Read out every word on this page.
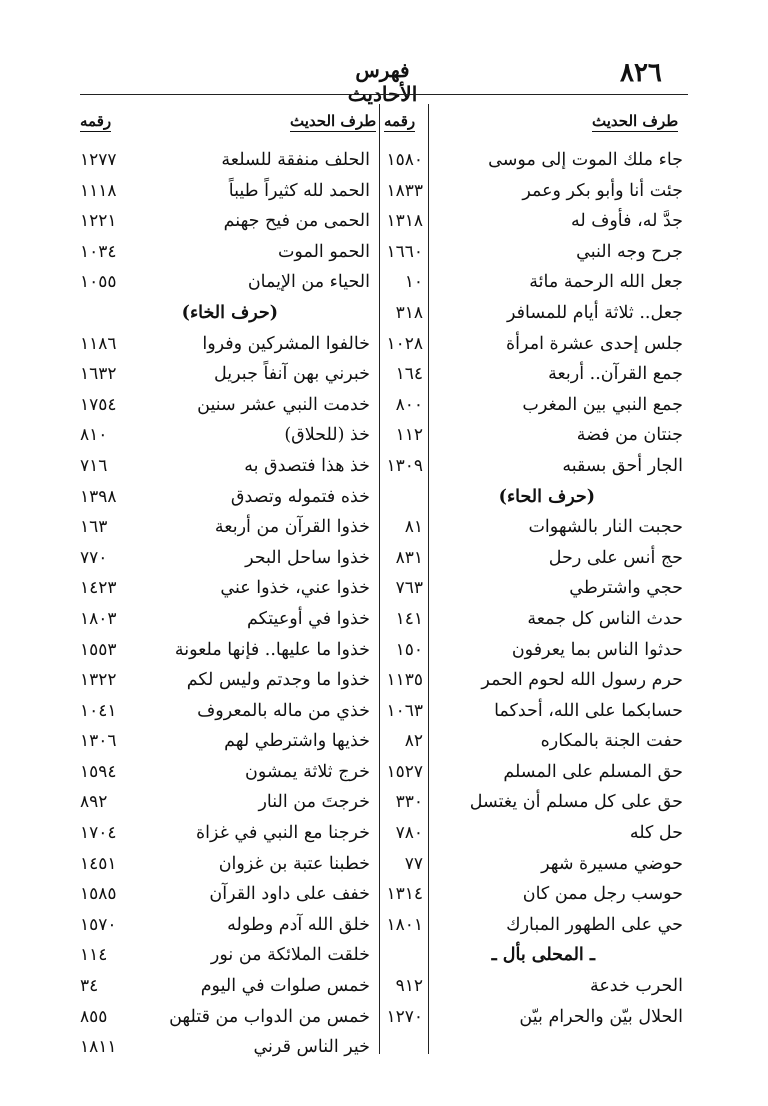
٨٢٦
فهرس الأحاديث
طرف الحديث
رقمه
طرف الحديث
رقمه
جاء ملك الموت إلى موسى
١٥٨٠
جئت أنا وأبو بكر وعمر
١٨٣٣
جدَّ له، فأوف له
١٣١٨
جرح وجه النبي
١٦٦٠
جعل الله الرحمة مائة
١٠
جعل.. ثلاثة أيام للمسافر
٣١٨
جلس إحدى عشرة امرأة
١٠٢٨
جمع القرآن.. أربعة
١٦٤
جمع النبي بين المغرب
٨٠٠
جنتان من فضة
١١٢
الجار أحق بسقبه
١٣٠٩
(حرف الحاء)
حجبت النار بالشهوات
٨١
حج أنس على رحل
٨٣١
حجي واشترطي
٧٦٣
حدث الناس كل جمعة
١٤١
حدثوا الناس بما يعرفون
١٥٠
حرم رسول الله لحوم الحمر
١١٣٥
حسابكما على الله، أحدكما
١٠٦٣
حفت الجنة بالمكاره
٨٢
حق المسلم على المسلم
١٥٢٧
حق على كل مسلم أن يغتسل
٣٣٠
حل كله
٧٨٠
حوضي مسيرة شهر
٧٧
حوسب رجل ممن كان
١٣١٤
حي على الطهور المبارك
١٨٠١
ـ المحلى بأل ـ
الحرب خدعة
٩١٢
الحلال بيّن والحرام بيّن
١٢٧٠
الحلف منفقة للسلعة
١٢٧٧
الحمد لله كثيراً طيباً
١١١٨
الحمى من فيح جهنم
١٢٢١
الحمو الموت
١٠٣٤
الحياء من الإيمان
١٠٥٥
(حرف الخاء)
خالفوا المشركين وفروا
١١٨٦
خبرني بهن آنفاً جبريل
١٦٣٢
خدمت النبي عشر سنين
١٧٥٤
خذ (للحلاق)
٨١٠
خذ هذا فتصدق به
٧١٦
خذه فتموله وتصدق
١٣٩٨
خذوا القرآن من أربعة
١٦٣
خذوا ساحل البحر
٧٧٠
خذوا عني، خذوا عني
١٤٢٣
خذوا في أوعيتكم
١٨٠٣
خذوا ما عليها.. فإنها ملعونة
١٥٥٣
خذوا ما وجدتم وليس لكم
١٣٢٢
خذي من ماله بالمعروف
١٠٤١
خذيها واشترطي لهم
١٣٠٦
خرج ثلاثة يمشون
١٥٩٤
خرجتَ من النار
٨٩٢
خرجنا مع النبي في غزاة
١٧٠٤
خطبنا عتبة بن غزوان
١٤٥١
خفف على داود القرآن
١٥٨٥
خلق الله آدم وطوله
١٥٧٠
خلقت الملائكة من نور
١١٤
خمس صلوات في اليوم
٣٤
خمس من الدواب من قتلهن
٨٥٥
خير الناس قرني
١٨١١
